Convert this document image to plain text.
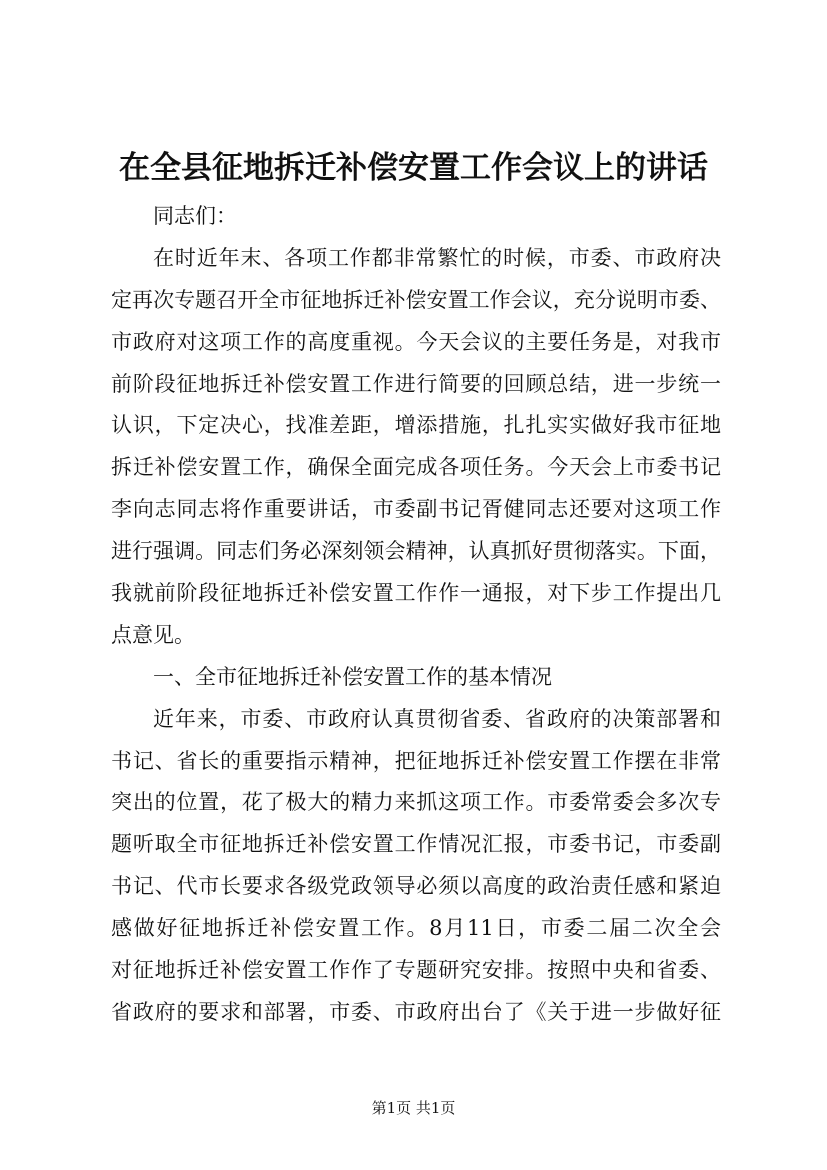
在全县征地拆迁补偿安置工作会议上的讲话
同志们：
在时近年末、各项工作都非常繁忙的时候，市委、市政府决
定再次专题召开全市征地拆迁补偿安置工作会议，充分说明市委、
市政府对这项工作的高度重视。今天会议的主要任务是，对我市
前阶段征地拆迁补偿安置工作进行简要的回顾总结，进一步统一
认识，下定决心，找准差距，增添措施，扎扎实实做好我市征地
拆迁补偿安置工作，确保全面完成各项任务。今天会上市委书记
李向志同志将作重要讲话，市委副书记胥健同志还要对这项工作
进行强调。同志们务必深刻领会精神，认真抓好贯彻落实。下面，
我就前阶段征地拆迁补偿安置工作作一通报，对下步工作提出几
点意见。
一、全市征地拆迁补偿安置工作的基本情况
近年来，市委、市政府认真贯彻省委、省政府的决策部署和
书记、省长的重要指示精神，把征地拆迁补偿安置工作摆在非常
突出的位置，花了极大的精力来抓这项工作。市委常委会多次专
题听取全市征地拆迁补偿安置工作情况汇报，市委书记，市委副
书记、代市长要求各级党政领导必须以高度的政治责任感和紧迫
感做好征地拆迁补偿安置工作。8月11日，市委二届二次全会
对征地拆迁补偿安置工作作了专题研究安排。按照中央和省委、
省政府的要求和部署，市委、市政府出台了《关于进一步做好征
第1页 共1页
